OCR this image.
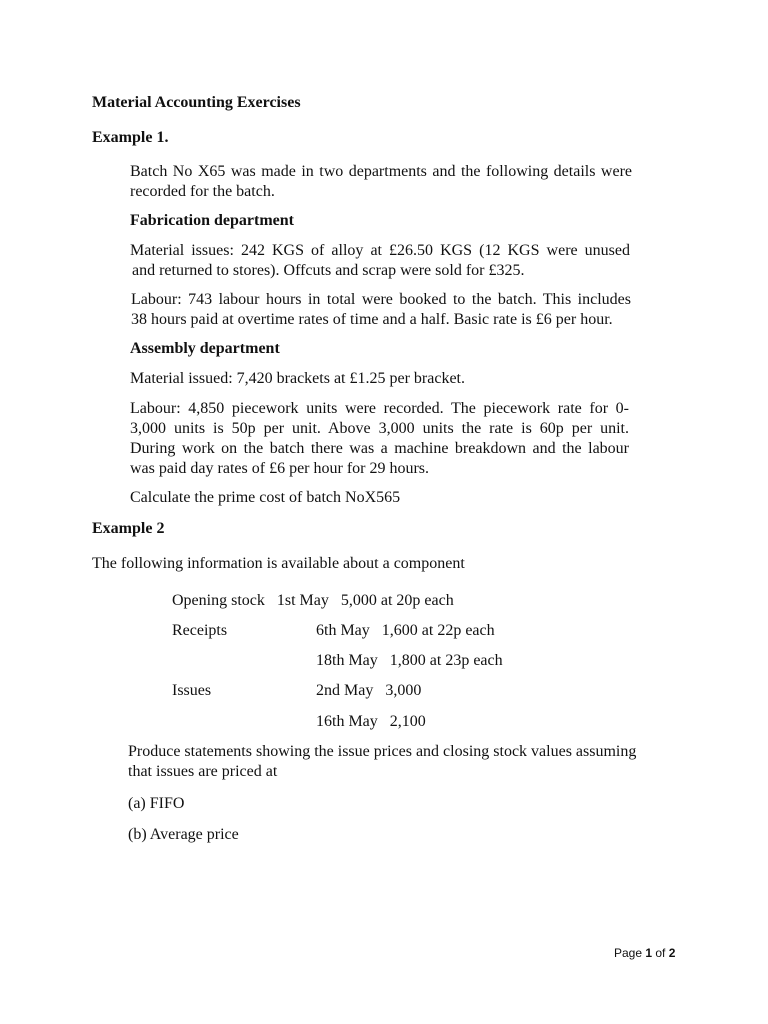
Material Accounting Exercises
Example 1.
Batch No X65 was made in two departments and the following details were
recorded for the batch.
Fabrication department
Material issues: 242 KGS of alloy at £26.50 KGS (12 KGS were unused
and returned to stores). Offcuts and scrap were sold for £325.
Labour: 743 labour hours in total were booked to the batch. This includes
38 hours paid at overtime rates of time and a half. Basic rate is £6 per hour.
Assembly department
Material issued: 7,420 brackets at £1.25 per bracket.
Labour: 4,850 piecework units were recorded. The piecework rate for 0-
3,000 units is 50p per unit. Above 3,000 units the rate is 60p per unit.
During work on the batch there was a machine breakdown and the labour
was paid day rates of £6 per hour for 29 hours.
Calculate the prime cost of batch NoX565
Example 2
The following information is available about a component
Opening stock   1st May   5,000 at 20p each
Receipts	6th May   1,600 at 22p each
18th May   1,800 at 23p each
Issues	2nd May   3,000
16th May   2,100
Produce statements showing the issue prices and closing stock values assuming
that issues are priced at
(a) FIFO
(b) Average price
Page 1 of 2
